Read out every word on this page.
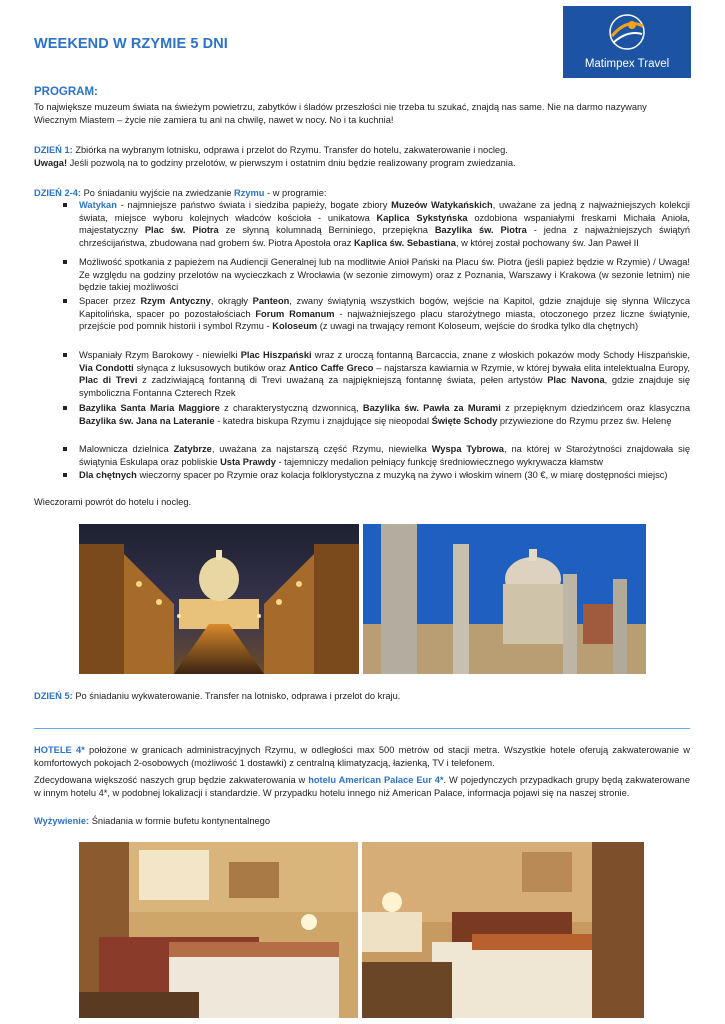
WEEKEND W RZYMIE 5 DNI
Matimpex Travel
PROGRAM:
To największe muzeum świata na świeżym powietrzu, zabytków i śladów przeszłości nie trzeba tu szukać, znajdą nas same. Nie na darmo nazywany Wiecznym Miastem – życie nie zamiera tu ani na chwilę, nawet w nocy. No i ta kuchnia!
DZIEŃ 1: Zbiórka na wybranym lotnisku, odprawa i przelot do Rzymu. Transfer do hotelu, zakwaterowanie i nocleg.
Uwaga! Jeśli pozwolą na to godziny przelotów, w pierwszym i ostatnim dniu będzie realizowany program zwiedzania.
DZIEŃ 2-4: Po śniadaniu wyjście na zwiedzanie Rzymu - w programie:
Watykan - najmniejsze państwo świata i siedziba papieży, bogate zbiory Muzeów Watykańskich, uważane za jedną z najważniejszych kolekcji świata, miejsce wyboru kolejnych władców kościoła - unikatowa Kaplica Sykstyńska ozdobiona wspaniałymi freskami Michała Anioła, majestatyczny Plac św. Piotra ze słynną kolumnadą Berniniego, przepiękna Bazylika św. Piotra - jedna z najważniejszych świątyń chrześcijaństwa, zbudowana nad grobem św. Piotra Apostoła oraz Kaplica św. Sebastiana, w której został pochowany św. Jan Paweł II
Możliwość spotkania z papieżem na Audiencji Generalnej lub na modlitwie Anioł Pański na Placu św. Piotra (jeśli papież będzie w Rzymie) / Uwaga! Ze względu na godziny przelotów na wycieczkach z Wrocławia (w sezonie zimowym) oraz z Poznania, Warszawy i Krakowa (w sezonie letnim) nie będzie takiej możliwości
Spacer przez Rzym Antyczny, okrągły Panteon, zwany świątynią wszystkich bogów, wejście na Kapitol, gdzie znajduje się słynna Wilczyca Kapitolińska, spacer po pozostałościach Forum Romanum - najważniejszego placu starożytnego miasta, otoczonego przez liczne świątynie, przejście pod pomnik historii i symbol Rzymu - Koloseum (z uwagi na trwający remont Koloseum, wejście do środka tylko dla chętnych)
Wspaniały Rzym Barokowy - niewielki Plac Hiszpański wraz z uroczą fontanną Barcaccia, znane z włoskich pokazów mody Schody Hiszpańskie, Via Condotti słynąca z luksusowych butików oraz Antico Caffe Greco – najstarsza kawiarnia w Rzymie, w której bywała elita intelektualna Europy, Plac di Trevi z zadziwiającą fontanną di Trevi uważaną za najpiękniejszą fontannę świata, pełen artystów Plac Navona, gdzie znajduje się symboliczna Fontanna Czterech Rzek
Bazylika Santa Maria Maggiore z charakterystyczną dzwonnicą, Bazylika św. Pawła za Murami z przepięknym dziedzińcem oraz klasyczna Bazylika św. Jana na Lateranie - katedra biskupa Rzymu i znajdujące się nieopodal Święte Schody przywiezione do Rzymu przez św. Helenę
Malownicza dzielnica Zatybrze, uważana za najstarszą część Rzymu, niewielka Wyspa Tybrowa, na której w Starożytności znajdowała się świątynia Eskulapa oraz pobliskie Usta Prawdy - tajemniczy medalion pełniący funkcję średniowiecznego wykrywacza kłamstw
Dla chętnych wieczorny spacer po Rzymie oraz kolacja folklorystyczna z muzyką na żywo i włoskim winem (30 €, w miarę dostępności miejsc)
Wieczorami powrót do hotelu i nocleg.
DZIEŃ 5: Po śniadaniu wykwaterowanie. Transfer na lotnisko, odprawa i przelot do kraju.
HOTELE 4* położone w granicach administracyjnych Rzymu, w odległości max 500 metrów od stacji metra. Wszystkie hotele oferują zakwaterowanie w komfortowych pokojach 2-osobowych (możliwość 1 dostawki) z centralną klimatyzacją, łazienką, TV i telefonem.
Zdecydowana większość naszych grup będzie zakwaterowania w hotelu American Palace Eur 4*. W pojedynczych przypadkach grupy będą zakwaterowane w innym hotelu 4*, w podobnej lokalizacji i standardzie. W przypadku hotelu innego niż American Palace, informacja pojawi się na naszej stronie.
Wyżywienie: Śniadania w formie bufetu kontynentalnego
